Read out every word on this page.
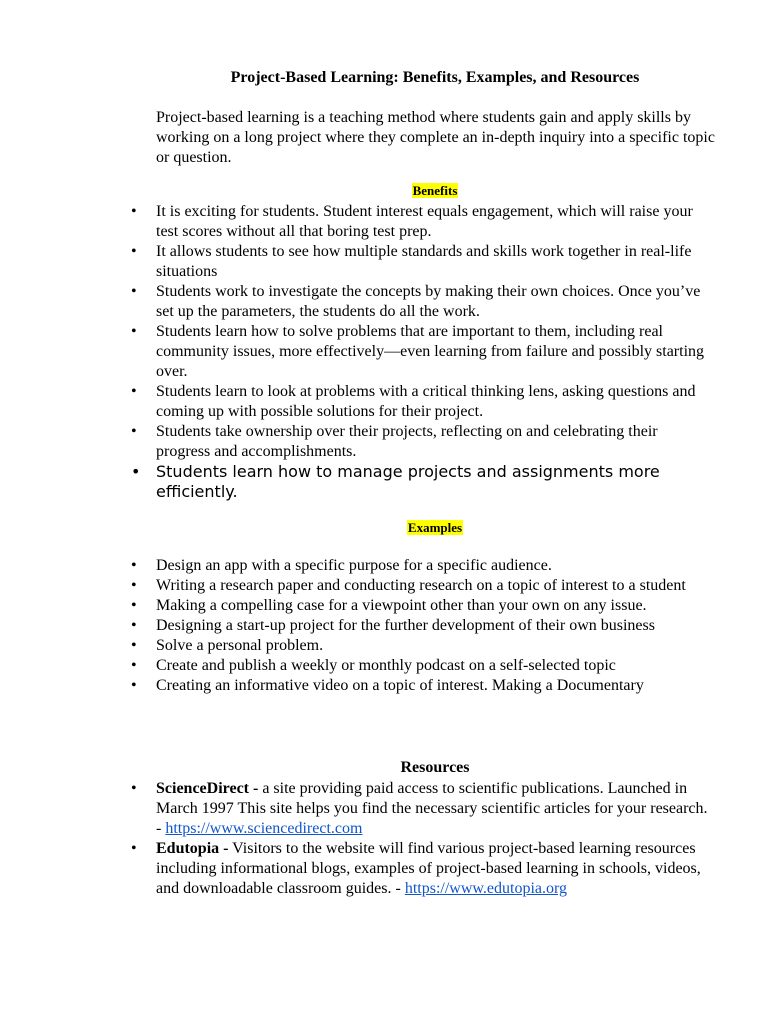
Project-Based Learning: Benefits, Examples, and Resources
Project-based learning is a teaching method where students gain and apply skills by working on a long project where they complete an in-depth inquiry into a specific topic or question.
Benefits
• It is exciting for students. Student interest equals engagement, which will raise your test scores without all that boring test prep.
• It allows students to see how multiple standards and skills work together in real-life situations
• Students work to investigate the concepts by making their own choices. Once you’ve set up the parameters, the students do all the work.
• Students learn how to solve problems that are important to them, including real community issues, more effectively—even learning from failure and possibly starting over.
• Students learn to look at problems with a critical thinking lens, asking questions and coming up with possible solutions for their project.
• Students take ownership over their projects, reflecting on and celebrating their progress and accomplishments.
• Students learn how to manage projects and assignments more efficiently.
Examples
• Design an app with a specific purpose for a specific audience.
• Writing a research paper and conducting research on a topic of interest to a student
• Making a compelling case for a viewpoint other than your own on any issue.
• Designing a start-up project for the further development of their own business
• Solve a personal problem.
• Create and publish a weekly or monthly podcast on a self-selected topic
• Creating an informative video on a topic of interest. Making a Documentary
Resources
• ScienceDirect - a site providing paid access to scientific publications. Launched in March 1997 This site helps you find the necessary scientific articles for your research. - https://www.sciencedirect.com
• Edutopia - Visitors to the website will find various project-based learning resources including informational blogs, examples of project-based learning in schools, videos, and downloadable classroom guides. - https://www.edutopia.org
